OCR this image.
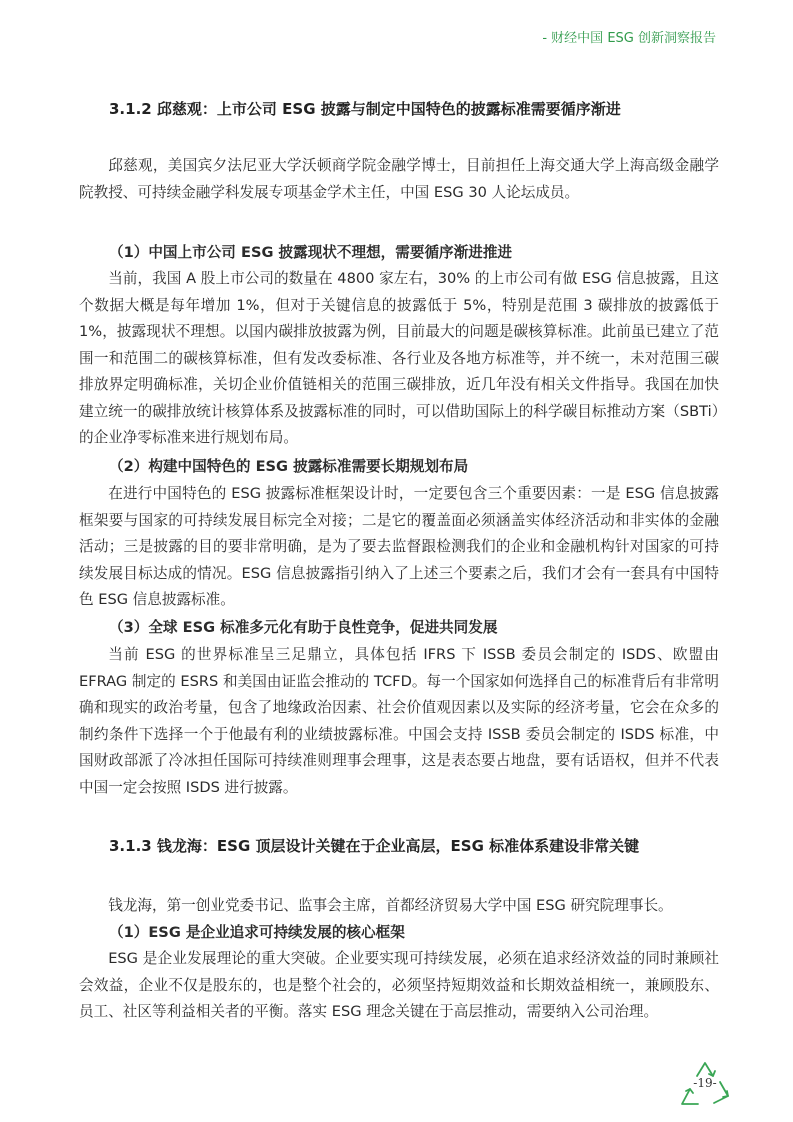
- 财经中国 ESG 创新洞察报告
3.1.2 邱慈观：上市公司 ESG 披露与制定中国特色的披露标准需要循序渐进

邱慈观，美国宾夕法尼亚大学沃顿商学院金融学博士，目前担任上海交通大学上海高级金融学院教授、可持续金融学科发展专项基金学术主任，中国 ESG 30 人论坛成员。

（1）中国上市公司 ESG 披露现状不理想，需要循序渐进推进

当前，我国 A 股上市公司的数量在 4800 家左右，30% 的上市公司有做 ESG 信息披露，且这个数据大概是每年增加 1%，但对于关键信息的披露低于 5%，特别是范围 3 碳排放的披露低于 1%，披露现状不理想。以国内碳排放披露为例，目前最大的问题是碳核算标准。此前虽已建立了范围一和范围二的碳核算标准，但有发改委标准、各行业及各地方标准等，并不统一，未对范围三碳排放界定明确标准，关切企业价值链相关的范围三碳排放，近几年没有相关文件指导。我国在加快建立统一的碳排放统计核算体系及披露标准的同时，可以借助国际上的科学碳目标推动方案（SBTi）的企业净零标准来进行规划布局。

（2）构建中国特色的 ESG 披露标准需要长期规划布局

在进行中国特色的 ESG 披露标准框架设计时，一定要包含三个重要因素：一是 ESG 信息披露框架要与国家的可持续发展目标完全对接；二是它的覆盖面必须涵盖实体经济活动和非实体的金融活动；三是披露的目的要非常明确，是为了要去监督跟检测我们的企业和金融机构针对国家的可持续发展目标达成的情况。ESG 信息披露指引纳入了上述三个要素之后，我们才会有一套具有中国特色 ESG 信息披露标准。

（3）全球 ESG 标准多元化有助于良性竞争，促进共同发展

当前 ESG 的世界标准呈三足鼎立，具体包括 IFRS 下 ISSB 委员会制定的 ISDS、欧盟由 EFRAG 制定的 ESRS 和美国由证监会推动的 TCFD。每一个国家如何选择自己的标准背后有非常明确和现实的政治考量，包含了地缘政治因素、社会价值观因素以及实际的经济考量，它会在众多的制约条件下选择一个于他最有利的业绩披露标准。中国会支持 ISSB 委员会制定的 ISDS 标准，中国财政部派了冷冰担任国际可持续准则理事会理事，这是表态要占地盘，要有话语权，但并不代表中国一定会按照 ISDS 进行披露。

3.1.3 钱龙海：ESG 顶层设计关键在于企业高层，ESG 标准体系建设非常关键

钱龙海，第一创业党委书记、监事会主席，首都经济贸易大学中国 ESG 研究院理事长。

（1）ESG 是企业追求可持续发展的核心框架

ESG 是企业发展理论的重大突破。企业要实现可持续发展，必须在追求经济效益的同时兼顾社会效益，企业不仅是股东的，也是整个社会的，必须坚持短期效益和长期效益相统一，兼顾股东、员工、社区等利益相关者的平衡。落实 ESG 理念关键在于高层推动，需要纳入公司治理。

-19-
